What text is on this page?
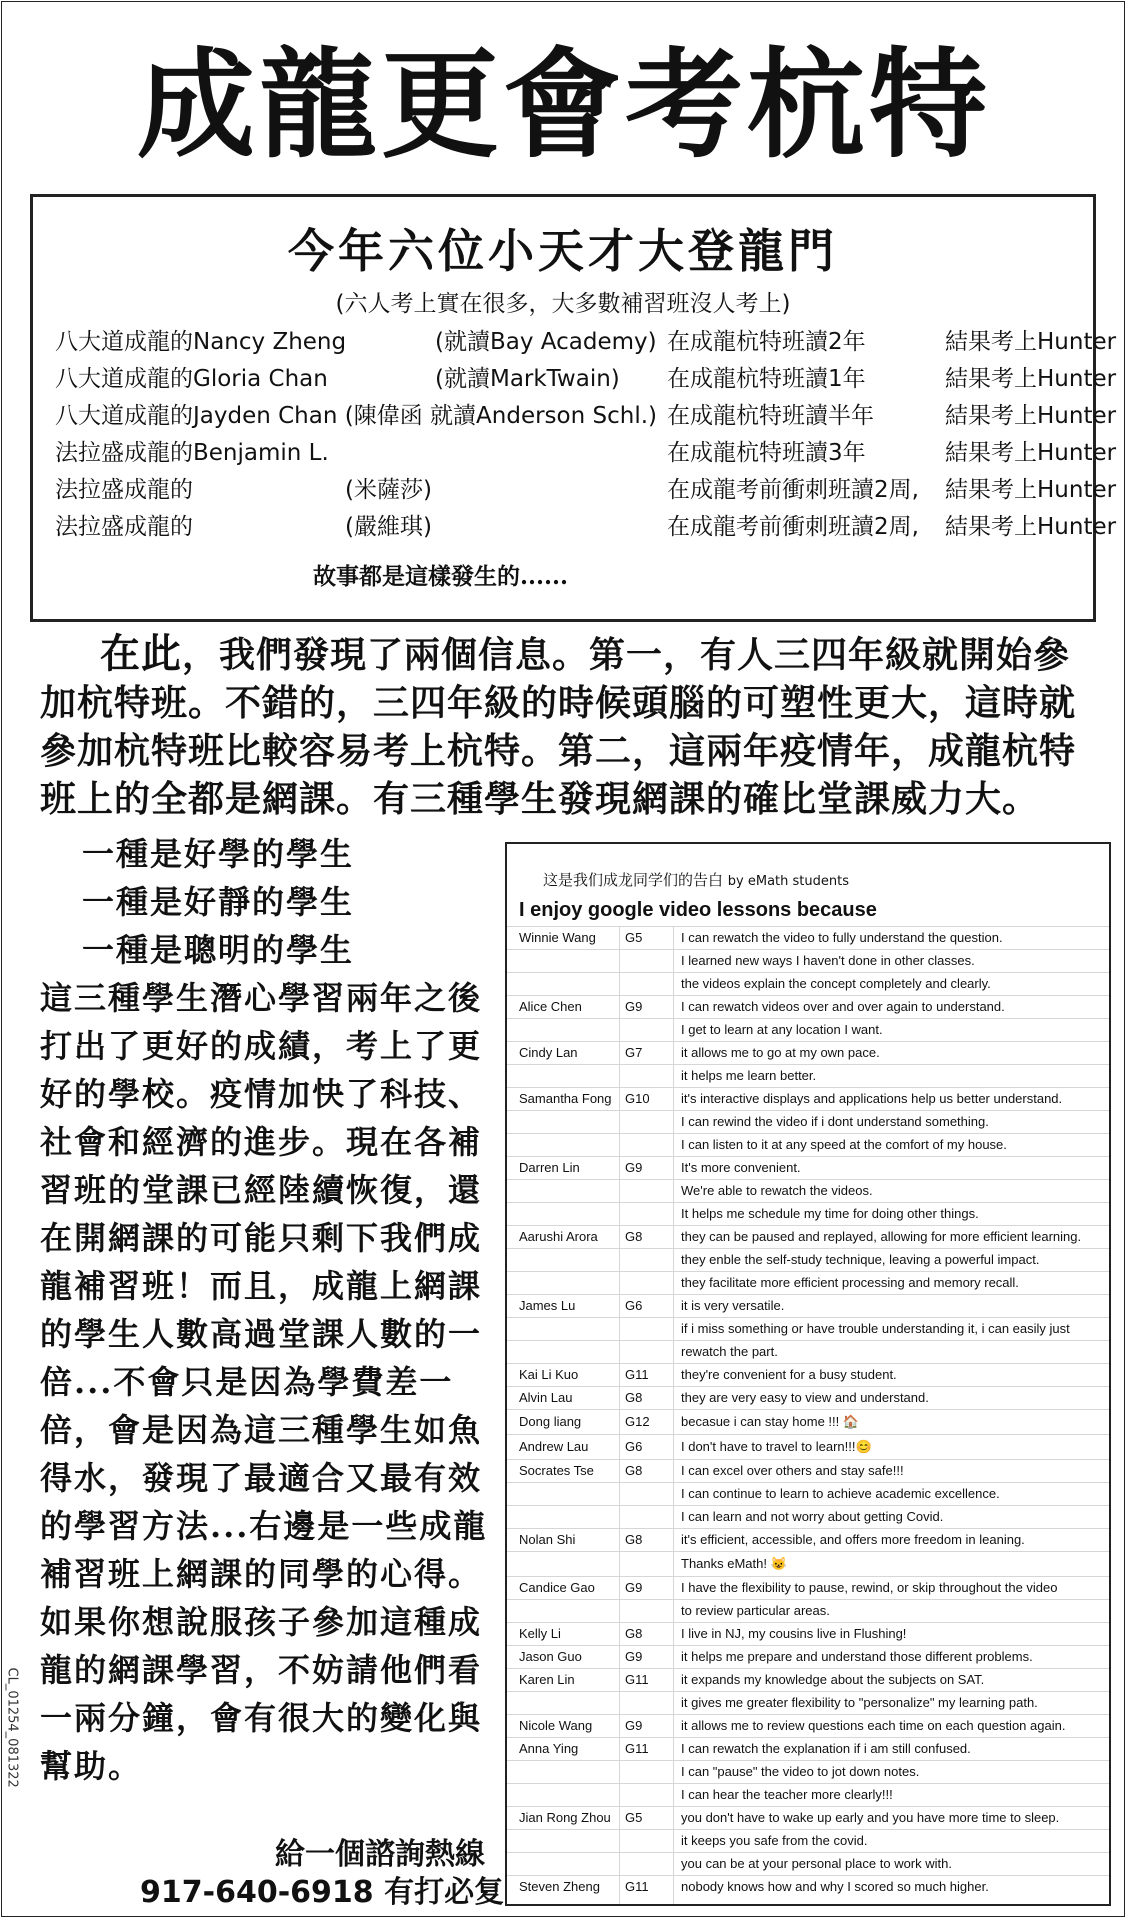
成龍更會考杭特
今年六位小天才大登龍門
(六人考上實在很多，大多數補習班沒人考上)
八大道成龍的Nancy Zheng	(就讀Bay Academy) 在成龍杭特班讀2年	結果考上Hunter
八大道成龍的Gloria Chan	(就讀MarkTwain) 在成龍杭特班讀1年	結果考上Hunter
八大道成龍的Jayden Chan (陳偉函 就讀Anderson Schl.) 在成龍杭特班讀半年	結果考上Hunter
法拉盛成龍的Benjamin L.	在成龍杭特班讀3年	結果考上Hunter
法拉盛成龍的	(米薩莎)	在成龍考前衝刺班讀2周, 結果考上Hunter
法拉盛成龍的	(嚴維琪)	在成龍考前衝刺班讀2周, 結果考上Hunter
故事都是這樣發生的......
在此，我們發現了兩個信息。第一，有人三四年級就開始參加杭特班。不錯的，三四年級的時候頭腦的可塑性更大，這時就參加杭特班比較容易考上杭特。第二，這兩年疫情年，成龍杭特班上的全都是網課。有三種學生發現網課的確比堂課威力大。
一種是好學的學生
一種是好靜的學生
一種是聰明的學生
這三種學生潛心學習兩年之後打出了更好的成績，考上了更好的學校。疫情加快了科技、社會和經濟的進步。現在各補習班的堂課已經陸續恢復，還在開網課的可能只剩下我們成龍補習班！而且，成龍上網課的學生人數高過堂課人數的一倍...不會只是因為學費差一倍，會是因為這三種學生如魚得水，發現了最適合又最有效的學習方法...右邊是一些成龍補習班上網課的同學的心得。如果你想說服孩子參加這種成龍的網課學習，不妨請他們看一兩分鐘，會有很大的變化與幫助。
給一個諮詢熱線
917-640-6918 有打必复
CL_01254_081322
这是我们成龙同学们的告白 by eMath students
I enjoy google video lessons because
Winnie Wang	G5	I can rewatch the video to fully understand the question.
I learned new ways I haven't done in other classes.
the videos explain the concept completely and clearly.
Alice Chen	G9	I can rewatch videos over and over again to understand.
I get to learn at any location I want.
Cindy Lan	G7	it allows me to go at my own pace.
it helps me learn better.
Samantha Fong	G10	it's interactive displays and applications help us better understand.
I can rewind the video if i dont understand something.
I can listen to it at any speed at the comfort of my house.
Darren Lin	G9	It's more convenient.
We're able to rewatch the videos.
It helps me schedule my time for doing other things.
Aarushi Arora	G8	they can be paused and replayed, allowing for more efficient learning.
they enble the self-study technique, leaving a powerful impact.
they facilitate more efficient processing and memory recall.
James Lu	G6	it is very versatile.
if i miss something or have trouble understanding it, i can easily just
rewatch the part.
Kai Li Kuo	G11	they're convenient for a busy student.
Alvin Lau	G8	they are very easy to view and understand.
Dong liang	G12	becasue i can stay home !!! 🏠
Andrew Lau	G6	I don't have to travel to learn!!!😊
Socrates Tse	G8	I can excel over others and stay safe!!!
I can continue to learn to achieve academic excellence.
I can learn and not worry about getting Covid.
Nolan Shi	G8	it's efficient, accessible, and offers more freedom in leaning.
Thanks eMath! 😺
Candice Gao	G9	I have the flexibility to pause, rewind, or skip throughout the video
to review particular areas.
Kelly Li	G8	I live in NJ, my cousins live in Flushing!
Jason Guo	G9	it helps me prepare and understand those different problems.
Karen Lin	G11	it expands my knowledge about the subjects on SAT.
it gives me greater flexibility to "personalize" my learning path.
Nicole Wang	G9	it allows me to review questions each time on each question again.
Anna Ying	G11	I can rewatch the explanation if i am still confused.
I can "pause" the video to jot down notes.
I can hear the teacher more clearly!!!
Jian Rong Zhou	G5	you don't have to wake up early and you have more time to sleep.
it keeps you safe from the covid.
you can be at your personal place to work with.
Steven Zheng	G11	nobody knows how and why I scored so much higher.
